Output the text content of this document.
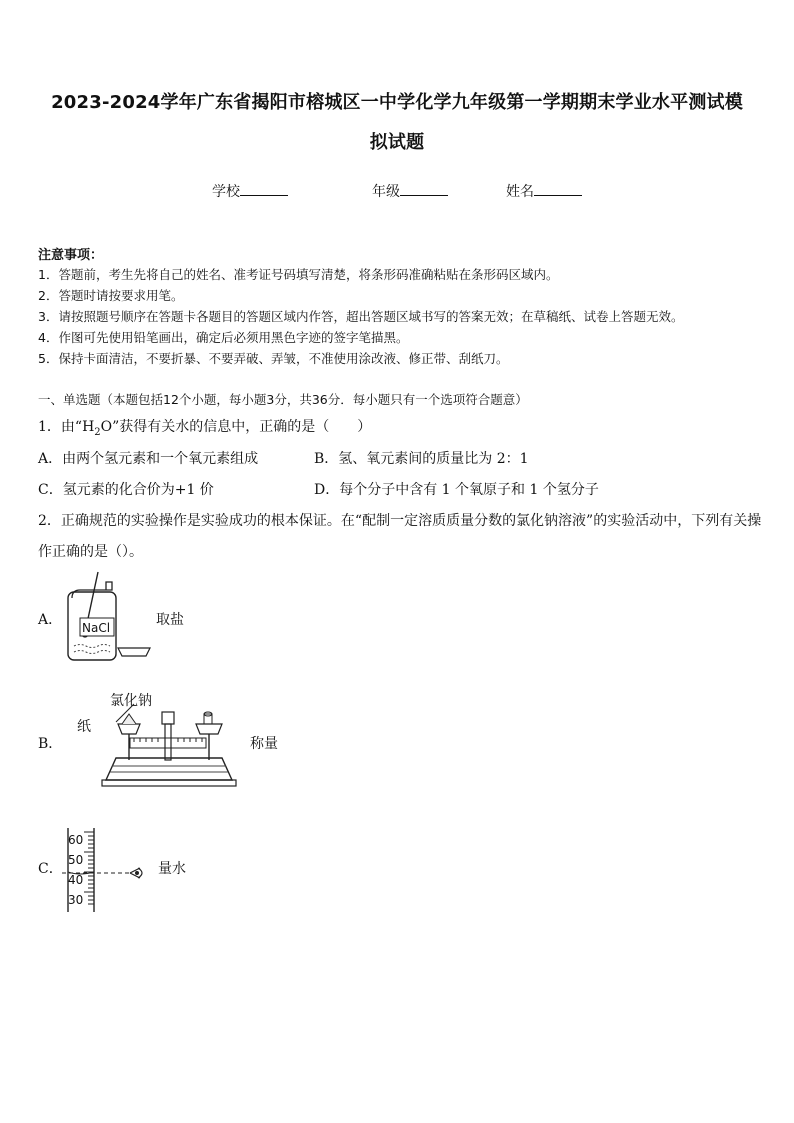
2023-2024学年广东省揭阳市榕城区一中学化学九年级第一学期期末学业水平测试模
拟试题
学校	年级	姓名
注意事项：
1．答题前，考生先将自己的姓名、准考证号码填写清楚，将条形码准确粘贴在条形码区域内。
2．答题时请按要求用笔。
3．请按照题号顺序在答题卡各题目的答题区域内作答，超出答题区域书写的答案无效；在草稿纸、试卷上答题无效。
4．作图可先使用铅笔画出，确定后必须用黑色字迹的签字笔描黑。
5．保持卡面清洁，不要折暴、不要弄破、弄皱，不准使用涂改液、修正带、刮纸刀。
一、单选题（本题包括12个小题，每小题3分，共36分．每小题只有一个选项符合题意）
1．由“$H_2O$”获得有关水的信息中，正确的是（　　）
A．由两个氢元素和一个氧元素组成	B．氢、氧元素间的质量比为 2：1
C．氢元素的化合价为+1 价	D．每个分子中含有 1 个氧原子和 1 个氢分子
2．正确规范的实验操作是实验成功的根本保证。在“配制一定溶质质量分数的氯化钠溶液”的实验活动中，下列有关操
作正确的是（）。
A． NaCl	取盐
B．
氯化钠
纸
称量
C．
60
50
40
30
量水
